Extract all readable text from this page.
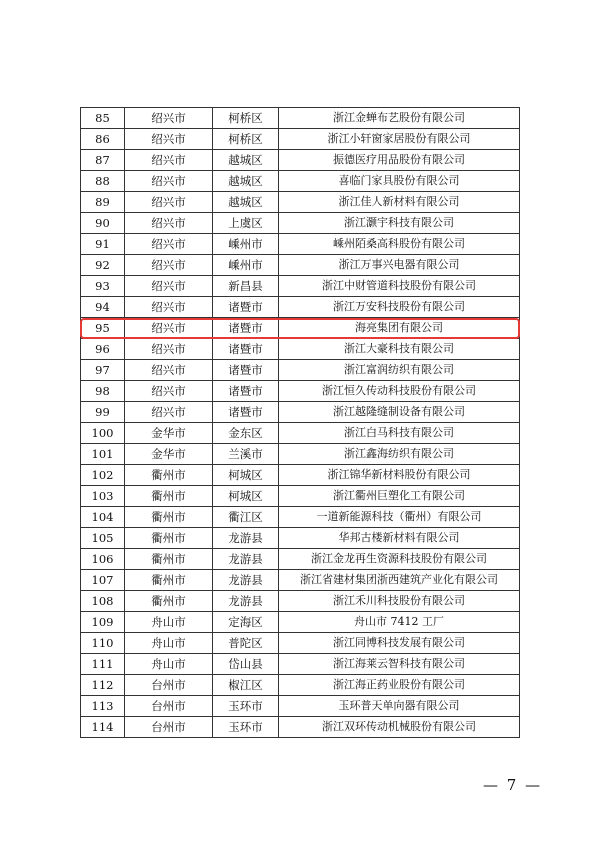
85	绍兴市	柯桥区	浙江金蝉布艺股份有限公司
86	绍兴市	柯桥区	浙江小轩窗家居股份有限公司
87	绍兴市	越城区	振德医疗用品股份有限公司
88	绍兴市	越城区	喜临门家具股份有限公司
89	绍兴市	越城区	浙江佳人新材料有限公司
90	绍兴市	上虞区	浙江灏宇科技有限公司
91	绍兴市	嵊州市	嵊州陌桑高科股份有限公司
92	绍兴市	嵊州市	浙江万事兴电器有限公司
93	绍兴市	新昌县	浙江中财管道科技股份有限公司
94	绍兴市	诸暨市	浙江万安科技股份有限公司
95	绍兴市	诸暨市	海亮集团有限公司
96	绍兴市	诸暨市	浙江大豪科技有限公司
97	绍兴市	诸暨市	浙江富润纺织有限公司
98	绍兴市	诸暨市	浙江恒久传动科技股份有限公司
99	绍兴市	诸暨市	浙江越隆缝制设备有限公司
100	金华市	金东区	浙江白马科技有限公司
101	金华市	兰溪市	浙江鑫海纺织有限公司
102	衢州市	柯城区	浙江锦华新材料股份有限公司
103	衢州市	柯城区	浙江衢州巨塑化工有限公司
104	衢州市	衢江区	一道新能源科技（衢州）有限公司
105	衢州市	龙游县	华邦古楼新材料有限公司
106	衢州市	龙游县	浙江金龙再生资源科技股份有限公司
107	衢州市	龙游县	浙江省建材集团浙西建筑产业化有限公司
108	衢州市	龙游县	浙江禾川科技股份有限公司
109	舟山市	定海区	舟山市 7412 工厂
110	舟山市	普陀区	浙江同博科技发展有限公司
111	舟山市	岱山县	浙江海莱云智科技有限公司
112	台州市	椒江区	浙江海正药业股份有限公司
113	台州市	玉环市	玉环普天单向器有限公司
114	台州市	玉环市	浙江双环传动机械股份有限公司
— 7 —
